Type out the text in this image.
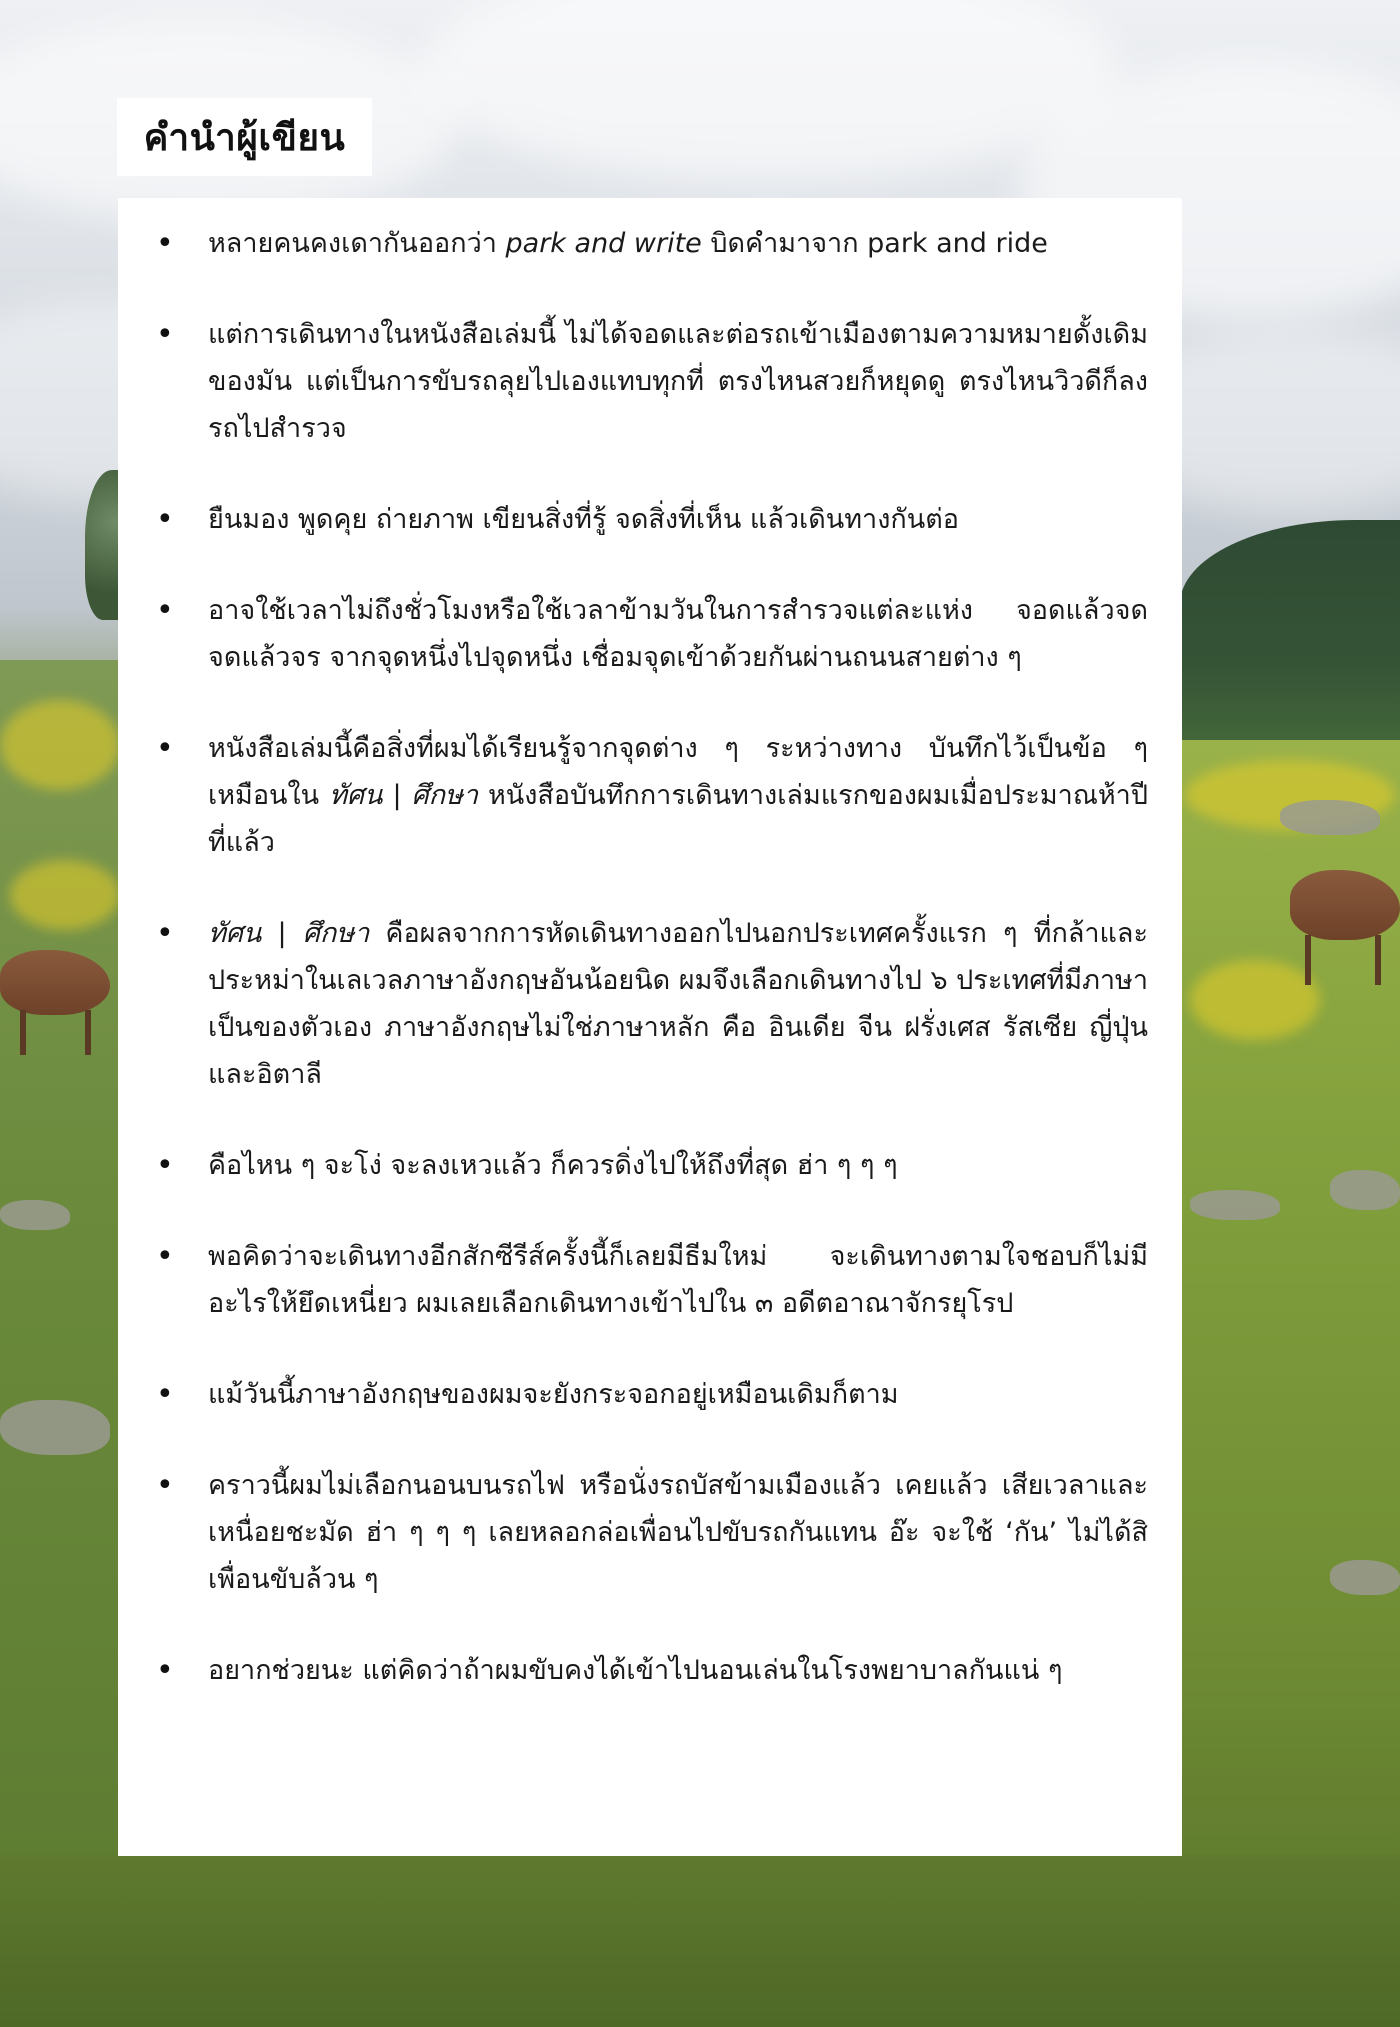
คำนำผู้เขียน
• หลายคนคงเดากันออกว่า park and write บิดคำมาจาก park and ride
• แต่การเดินทางในหนังสือเล่มนี้ ไม่ได้จอดและต่อรถเข้าเมืองตามความหมายดั้งเดิมของมัน แต่เป็นการขับรถลุยไปเองแทบทุกที่ ตรงไหนสวยก็หยุดดู ตรงไหนวิวดีก็ลงรถไปสำรวจ
• ยืนมอง พูดคุย ถ่ายภาพ เขียนสิ่งที่รู้ จดสิ่งที่เห็น แล้วเดินทางกันต่อ
• อาจใช้เวลาไม่ถึงชั่วโมงหรือใช้เวลาข้ามวันในการสำรวจแต่ละแห่ง จอดแล้วจด จดแล้วจร จากจุดหนึ่งไปจุดหนึ่ง เชื่อมจุดเข้าด้วยกันผ่านถนนสายต่าง ๆ
• หนังสือเล่มนี้คือสิ่งที่ผมได้เรียนรู้จากจุดต่าง ๆ ระหว่างทาง บันทึกไว้เป็นข้อ ๆ เหมือนใน ทัศน | ศึกษา หนังสือบันทึกการเดินทางเล่มแรกของผมเมื่อประมาณห้าปีที่แล้ว
• ทัศน | ศึกษา คือผลจากการหัดเดินทางออกไปนอกประเทศครั้งแรก ๆ ที่กล้าและประหม่าในเลเวลภาษาอังกฤษอันน้อยนิด ผมจึงเลือกเดินทางไป ๖ ประเทศที่มีภาษาเป็นของตัวเอง ภาษาอังกฤษไม่ใช่ภาษาหลัก คือ อินเดีย จีน ฝรั่งเศส รัสเซีย ญี่ปุ่น และอิตาลี
• คือไหน ๆ จะโง่ จะลงเหวแล้ว ก็ควรดิ่งไปให้ถึงที่สุด ฮ่า ๆ ๆ ๆ
• พอคิดว่าจะเดินทางอีกสักซีรีส์ครั้งนี้ก็เลยมีธีมใหม่ จะเดินทางตามใจชอบก็ไม่มีอะไรให้ยึดเหนี่ยว ผมเลยเลือกเดินทางเข้าไปใน ๓ อดีตอาณาจักรยุโรป
• แม้วันนี้ภาษาอังกฤษของผมจะยังกระจอกอยู่เหมือนเดิมก็ตาม
• คราวนี้ผมไม่เลือกนอนบนรถไฟ หรือนั่งรถบัสข้ามเมืองแล้ว เคยแล้ว เสียเวลาและเหนื่อยชะมัด ฮ่า ๆ ๆ ๆ เลยหลอกล่อเพื่อนไปขับรถกันแทน อ๊ะ จะใช้ ‘กัน’ ไม่ได้สิ เพื่อนขับล้วน ๆ
• อยากช่วยนะ แต่คิดว่าถ้าผมขับคงได้เข้าไปนอนเล่นในโรงพยาบาลกันแน่ ๆ
